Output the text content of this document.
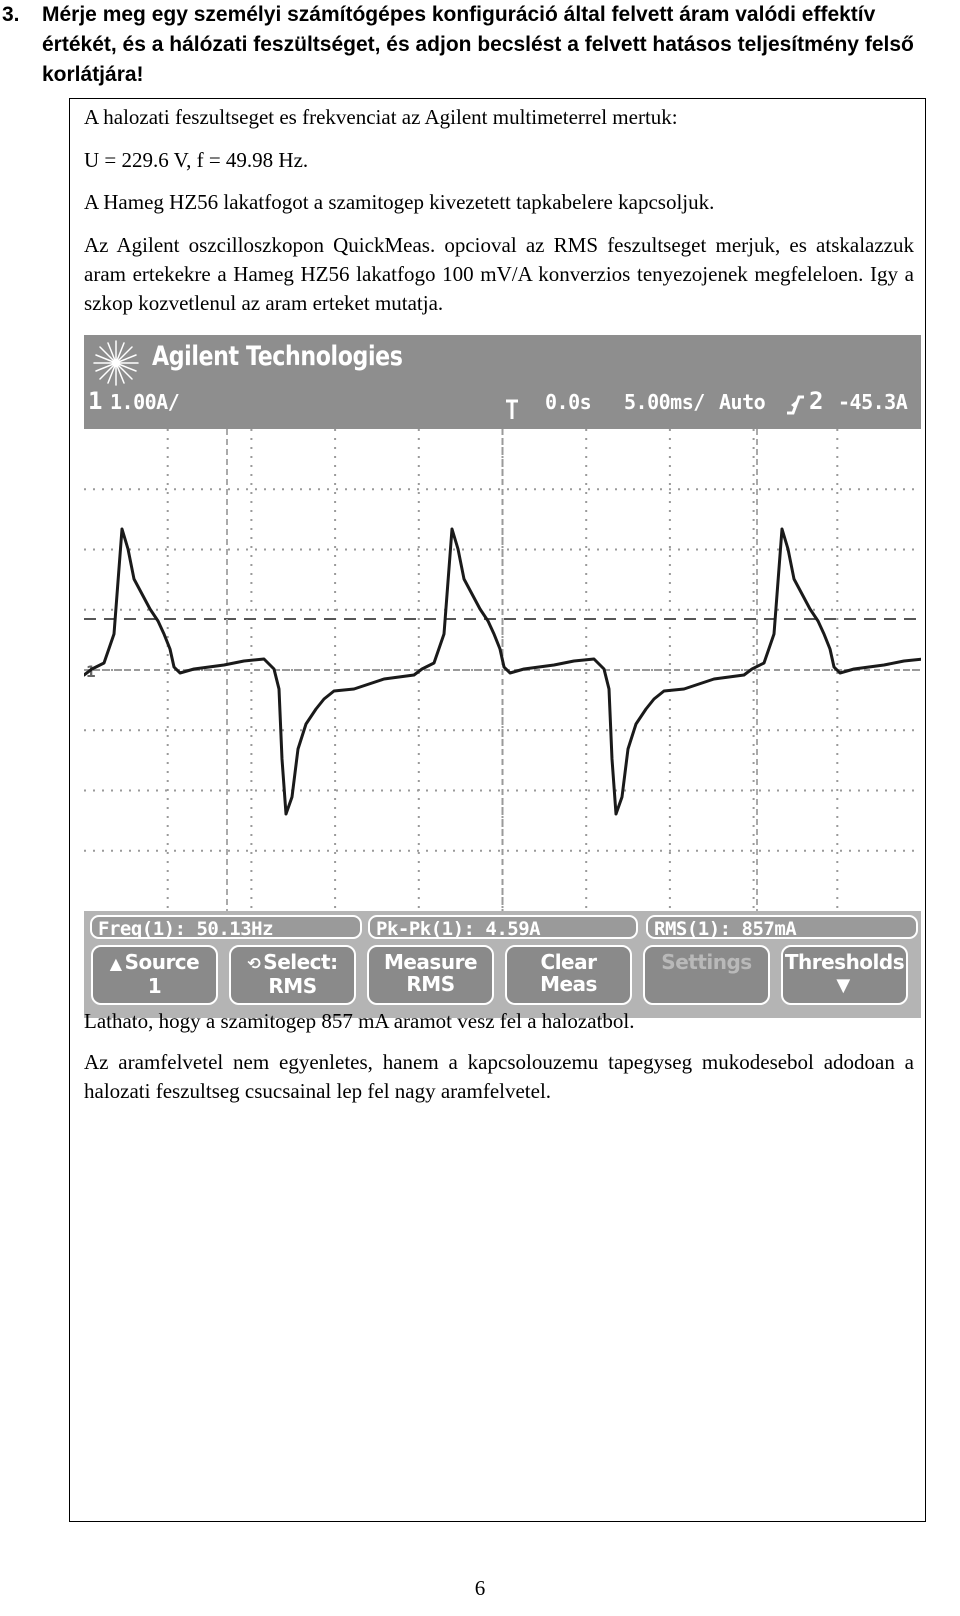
3. Mérje meg egy személyi számítógépes konfiguráció által felvett áram valódi effektív értékét, és a hálózati feszültséget, és adjon becslést a felvett hatásos teljesítmény felső korlátjára!

A halozati feszultseget es frekvenciat az Agilent multimeterrel mertuk:

U = 229.6 V, f = 49.98 Hz.

A Hameg HZ56 lakatfogot a szamitogep kivezetett tapkabelere kapcsoljuk.

Az Agilent oszcilloszkopon QuickMeas. opcioval az RMS feszultseget merjuk, es atskalazzuk aram ertekekre a Hameg HZ56 lakatfogo 100 mV/A konverzios tenyezojenek megfeleloen. Igy a szkop kozvetlenul az aram erteket mutatja.

Agilent Technologies
1 1.00A/	0.0s 5.00ms/ Auto 2 -45.3A
1
Freq(1): 50.13Hz	Pk-Pk(1): 4.59A	RMS(1): 857mA
▲ Source
1
⟲ Select:
RMS
Measure
RMS
Clear
Meas
Settings	Thresholds
▼

Lathato, hogy a szamitogep 857 mA aramot vesz fel a halozatbol.

Az aramfelvetel nem egyenletes, hanem a kapcsolouzemu tapegyseg mukodesebol adodoan a halozati feszultseg csucsainal lep fel nagy aramfelvetel.

6
